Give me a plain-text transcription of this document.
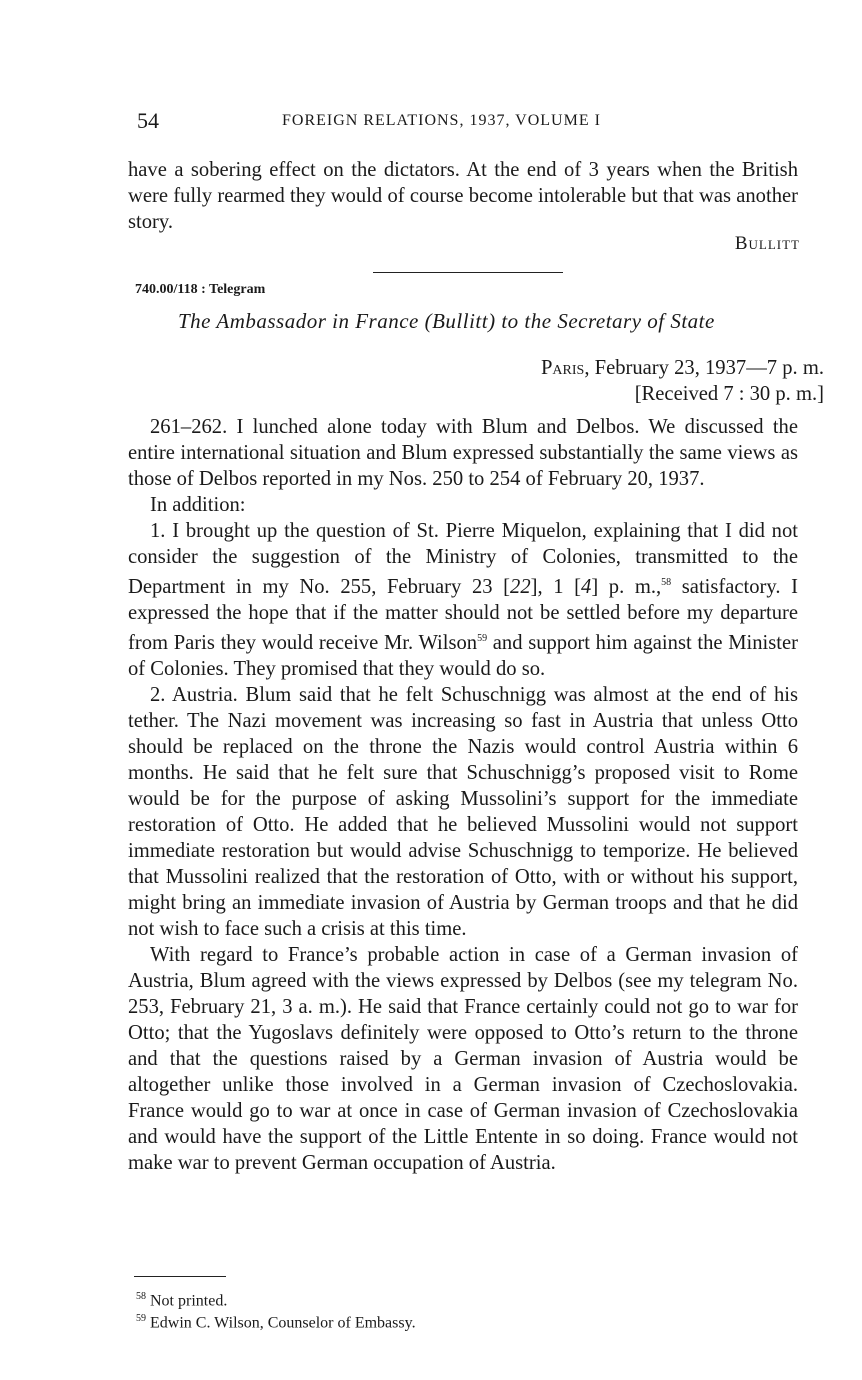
54	FOREIGN RELATIONS, 1937, VOLUME I

have a sobering effect on the dictators. At the end of 3 years when the British were fully rearmed they would of course become intolerable but that was another story.

Bullitt
740.00/118 : Telegram
The Ambassador in France (Bullitt) to the Secretary of State
Paris, February 23, 1937—7 p. m.
[Received 7 : 30 p. m.]

261–262. I lunched alone today with Blum and Delbos. We discussed the entire international situation and Blum expressed substantially the same views as those of Delbos reported in my Nos. 250 to 254 of February 20, 1937.

In addition:

1. I brought up the question of St. Pierre Miquelon, explaining that I did not consider the suggestion of the Ministry of Colonies, transmitted to the Department in my No. 255, February 23 [22], 1 [4] p. m.,$^{58}$ satisfactory. I expressed the hope that if the matter should not be settled before my departure from Paris they would receive Mr. Wilson$^{59}$ and support him against the Minister of Colonies. They promised that they would do so.

2. Austria. Blum said that he felt Schuschnigg was almost at the end of his tether. The Nazi movement was increasing so fast in Austria that unless Otto should be replaced on the throne the Nazis would control Austria within 6 months. He said that he felt sure that Schuschnigg’s proposed visit to Rome would be for the purpose of asking Mussolini’s support for the immediate restoration of Otto. He added that he believed Mussolini would not support immediate restoration but would advise Schuschnigg to temporize. He believed that Mussolini realized that the restoration of Otto, with or without his support, might bring an immediate invasion of Austria by German troops and that he did not wish to face such a crisis at this time.

With regard to France’s probable action in case of a German invasion of Austria, Blum agreed with the views expressed by Delbos (see my telegram No. 253, February 21, 3 a. m.). He said that France certainly could not go to war for Otto; that the Yugoslavs definitely were opposed to Otto’s return to the throne and that the questions raised by a German invasion of Austria would be altogether unlike those involved in a German invasion of Czechoslovakia. France would go to war at once in case of German invasion of Czechoslovakia and would have the support of the Little Entente in so doing. France would not make war to prevent German occupation of Austria.

$^{58}$ Not printed.
$^{59}$ Edwin C. Wilson, Counselor of Embassy.
